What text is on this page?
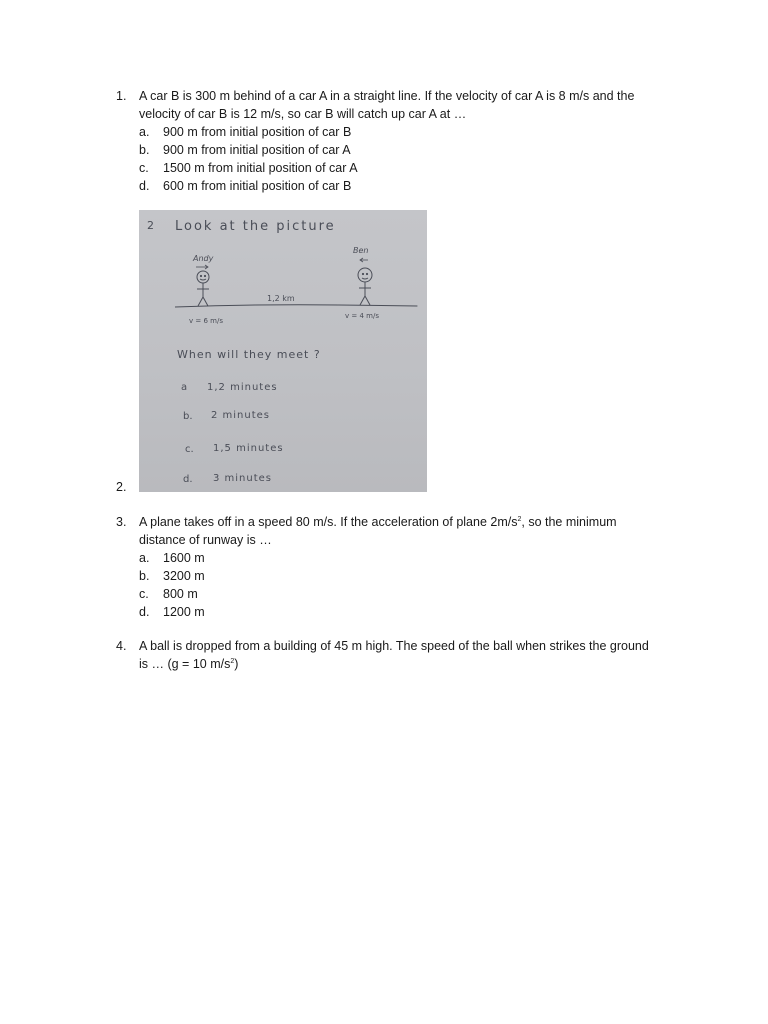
1.	A car B is 300 m behind of a car A in a straight line. If the velocity of car A is 8 m/s and the
velocity of car B is 12 m/s, so car B will catch up car A at …
a. 900 m from initial position of car B
b. 900 m from initial position of car A
c. 1500 m from initial position of car A
d. 600 m from initial position of car B
2.
2 Look at the picture
Andy
Ben
1,2 km
v = 6 m/s
v = 4 m/s
When will they meet ?
a 1,2 minutes
b. 2 minutes
c. 1,5 minutes
d. 3 minutes
3.	A plane takes off in a speed 80 m/s. If the acceleration of plane $2m/s^2$, so the minimum
distance of runway is …
a. 1600 m
b. 3200 m
c. 800 m
d. 1200 m
4.	A ball is dropped from a building of 45 m high. The speed of the ball when strikes the ground
is … (g = 10 $m/s^2$)
